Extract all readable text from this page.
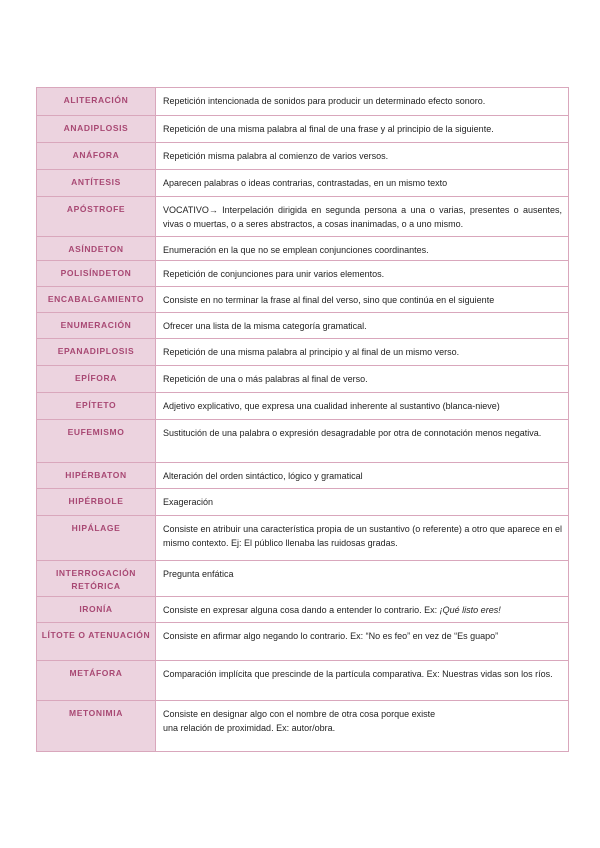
ALITERACIÓN	Repetición intencionada de sonidos para producir un determinado efecto sonoro.
ANADIPLOSIS	Repetición de una misma palabra al final de una frase y al principio de la siguiente.
ANÁFORA	Repetición misma palabra al comienzo de varios versos.
ANTÍTESIS	Aparecen palabras o ideas contrarias, contrastadas, en un mismo texto
APÓSTROFE	VOCATIVO→ Interpelación dirigida en segunda persona a una o varias, presentes o ausentes, vivas o muertas, o a seres abstractos, a cosas inanimadas, o a uno mismo.
ASÍNDETON	Enumeración en la que no se emplean conjunciones coordinantes.
POLISÍNDETON	Repetición de conjunciones para unir varios elementos.
ENCABALGAMIENTO	Consiste en no terminar la frase al final del verso, sino que continúa en el siguiente
ENUMERACIÓN	Ofrecer una lista de la misma categoría gramatical.
EPANADIPLOSIS	Repetición de una misma palabra al principio y al final de un mismo verso.
EPÍFORA	Repetición de una o más palabras al final de verso.
EPÍTETO	Adjetivo explicativo, que expresa una cualidad inherente al sustantivo (blanca-nieve)
EUFEMISMO	Sustitución de una palabra o expresión desagradable por otra de connotación menos negativa.
HIPÉRBATON	Alteración del orden sintáctico, lógico y gramatical
HIPÉRBOLE	Exageración
HIPÁLAGE	Consiste en atribuir una característica propia de un sustantivo (o referente) a otro que aparece en el mismo contexto. Ej: El público llenaba las ruidosas gradas.
INTERROGACIÓN RETÓRICA	Pregunta enfática
IRONÍA	Consiste en expresar alguna cosa dando a entender lo contrario. Ex: ¡Qué listo eres!
LÍTOTE O ATENUACIÓN	Consiste en afirmar algo negando lo contrario. Ex: “No es feo” en vez de “Es guapo”
METÁFORA	Comparación implícita que prescinde de la partícula comparativa. Ex: Nuestras vidas son los ríos.
METONIMIA	Consiste en designar algo con el nombre de otra cosa porque existe
una relación de proximidad. Ex: autor/obra.
